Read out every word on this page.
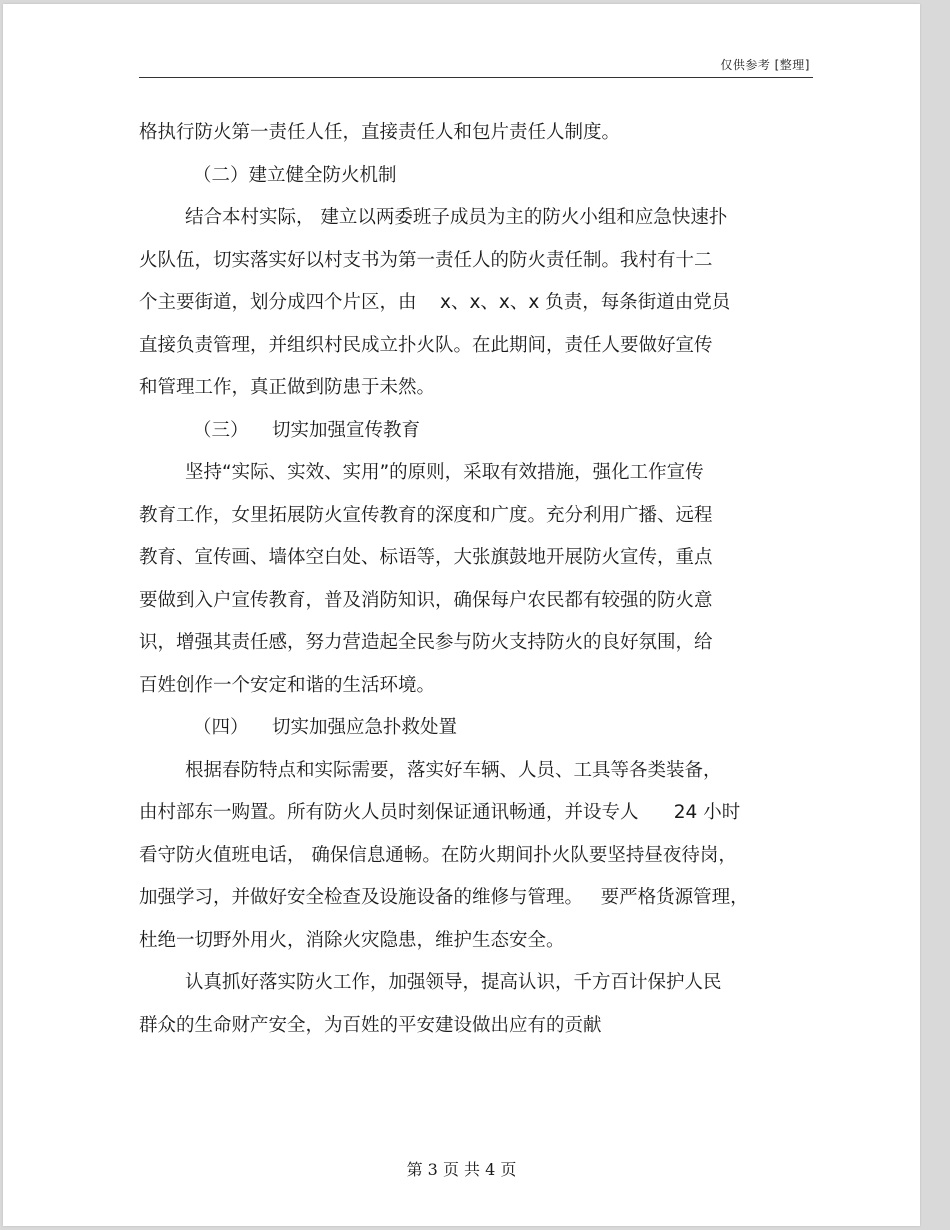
仅供参考 [整理]
格执行防火第一责任人任，直接责任人和包片责任人制度。
（二）建立健全防火机制
结合本村实际， 建立以两委班子成员为主的防火小组和应急快速扑
火队伍，切实落实好以村支书为第一责任人的防火责任制。我村有十二
个主要街道，划分成四个片区，由    x、x、x、x 负责，每条街道由党员
直接负责管理，并组织村民成立扑火队。在此期间，责任人要做好宣传
和管理工作，真正做到防患于未然。
（三）    切实加强宣传教育
坚持“实际、实效、实用”的原则，采取有效措施，强化工作宣传
教育工作，女里拓展防火宣传教育的深度和广度。充分利用广播、远程
教育、宣传画、墙体空白处、标语等，大张旗鼓地开展防火宣传，重点
要做到入户宣传教育，普及消防知识，确保每户农民都有较强的防火意
识，增强其责任感，努力营造起全民参与防火支持防火的良好氛围，给
百姓创作一个安定和谐的生活环境。
（四）    切实加强应急扑救处置
根据春防特点和实际需要，落实好车辆、人员、工具等各类装备，
由村部东一购置。所有防火人员时刻保证通讯畅通，并设专人      24 小时
看守防火值班电话， 确保信息通畅。在防火期间扑火队要坚持昼夜待岗，
加强学习，并做好安全检查及设施设备的维修与管理。   要严格货源管理，
杜绝一切野外用火，消除火灾隐患，维护生态安全。
认真抓好落实防火工作，加强领导，提高认识，千方百计保护人民
群众的生命财产安全，为百姓的平安建设做出应有的贡献
第 3 页 共 4 页
